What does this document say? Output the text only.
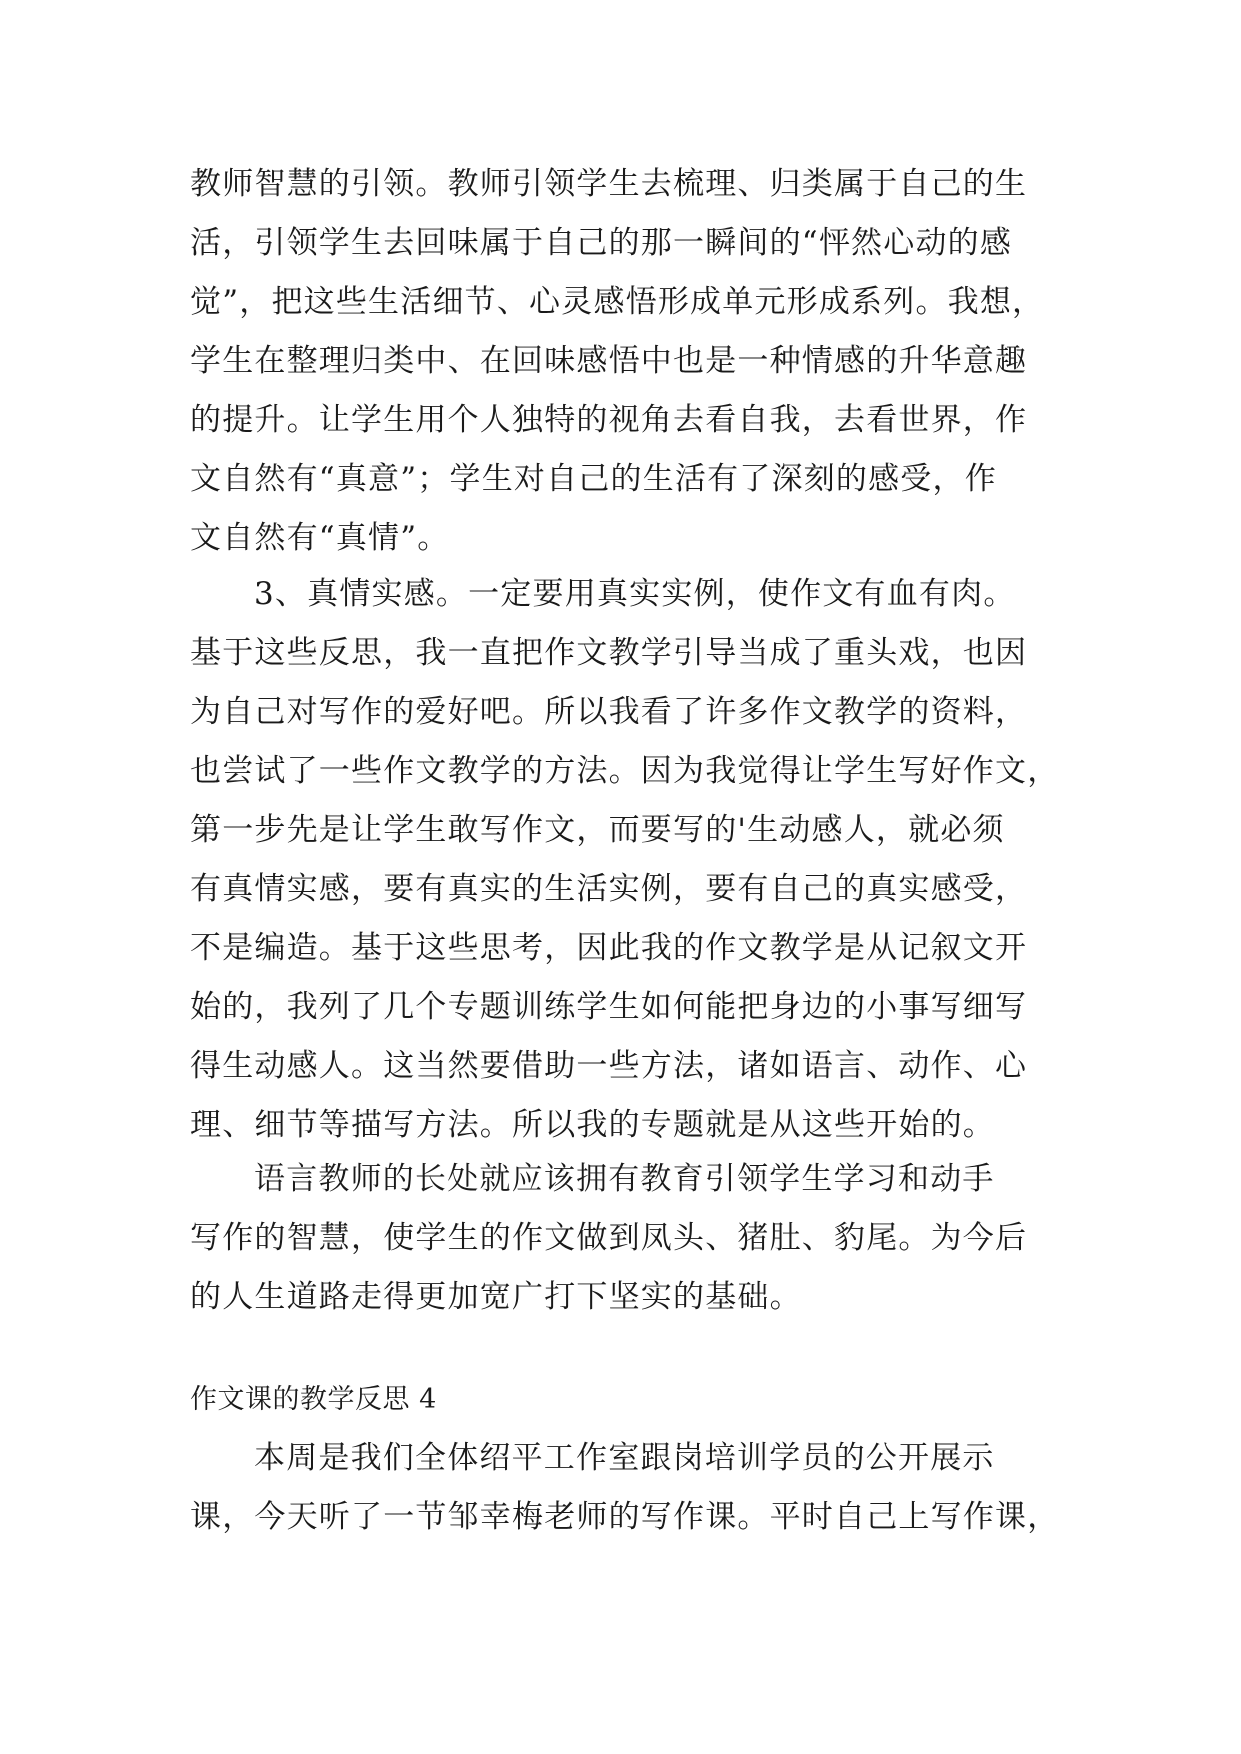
教师智慧的引领。教师引领学生去梳理、归类属于自己的生
活，引领学生去回味属于自己的那一瞬间的“怦然心动的感
觉”，把这些生活细节、心灵感悟形成单元形成系列。我想，
学生在整理归类中、在回味感悟中也是一种情感的升华意趣
的提升。让学生用个人独特的视角去看自我，去看世界，作
文自然有“真意”；学生对自己的生活有了深刻的感受，作
文自然有“真情”。
3、真情实感。一定要用真实实例，使作文有血有肉。
基于这些反思，我一直把作文教学引导当成了重头戏，也因
为自己对写作的爱好吧。所以我看了许多作文教学的资料，
也尝试了一些作文教学的方法。因为我觉得让学生写好作文，
第一步先是让学生敢写作文，而要写的'生动感人，就必须
有真情实感，要有真实的生活实例，要有自己的真实感受，
不是编造。基于这些思考，因此我的作文教学是从记叙文开
始的，我列了几个专题训练学生如何能把身边的小事写细写
得生动感人。这当然要借助一些方法，诸如语言、动作、心
理、细节等描写方法。所以我的专题就是从这些开始的。
语言教师的长处就应该拥有教育引领学生学习和动手
写作的智慧，使学生的作文做到凤头、猪肚、豹尾。为今后
的人生道路走得更加宽广打下坚实的基础。
作文课的教学反思 4
本周是我们全体绍平工作室跟岗培训学员的公开展示
课，今天听了一节邹幸梅老师的写作课。平时自己上写作课，
